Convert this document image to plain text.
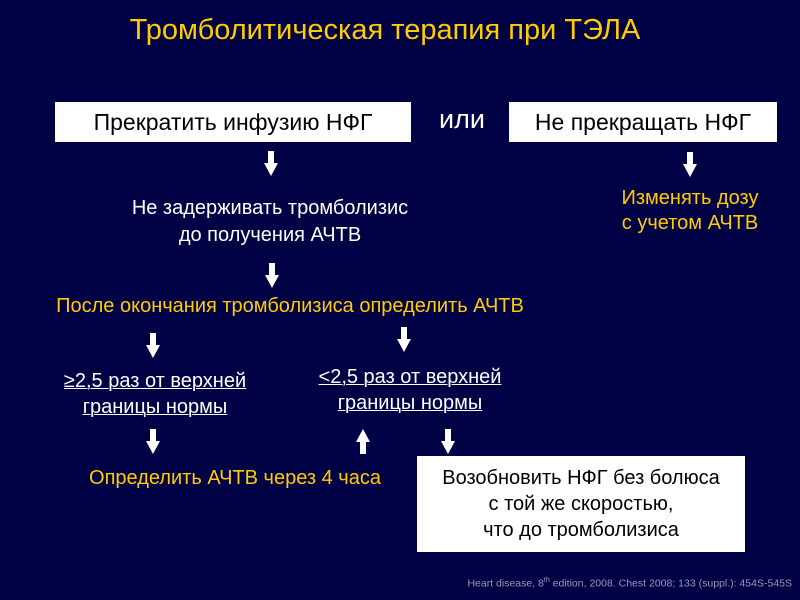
Тромболитическая терапия при ТЭЛА
Прекратить инфузию НФГ	или	Не прекращать НФГ
Не задерживать тромболизис
до получения АЧТВ
Изменять дозу
с учетом АЧТВ
После окончания тромболизиса определить АЧТВ
≥2,5 раз от верхней
границы нормы
<2,5 раз от верхней
границы нормы
Определить АЧТВ через 4 часа	Возобновить НФГ без болюса
с той же скоростью,
что до тромболизиса
Heart disease, 8th edition, 2008. Chest 2008; 133 (suppl.): 454S-545S
